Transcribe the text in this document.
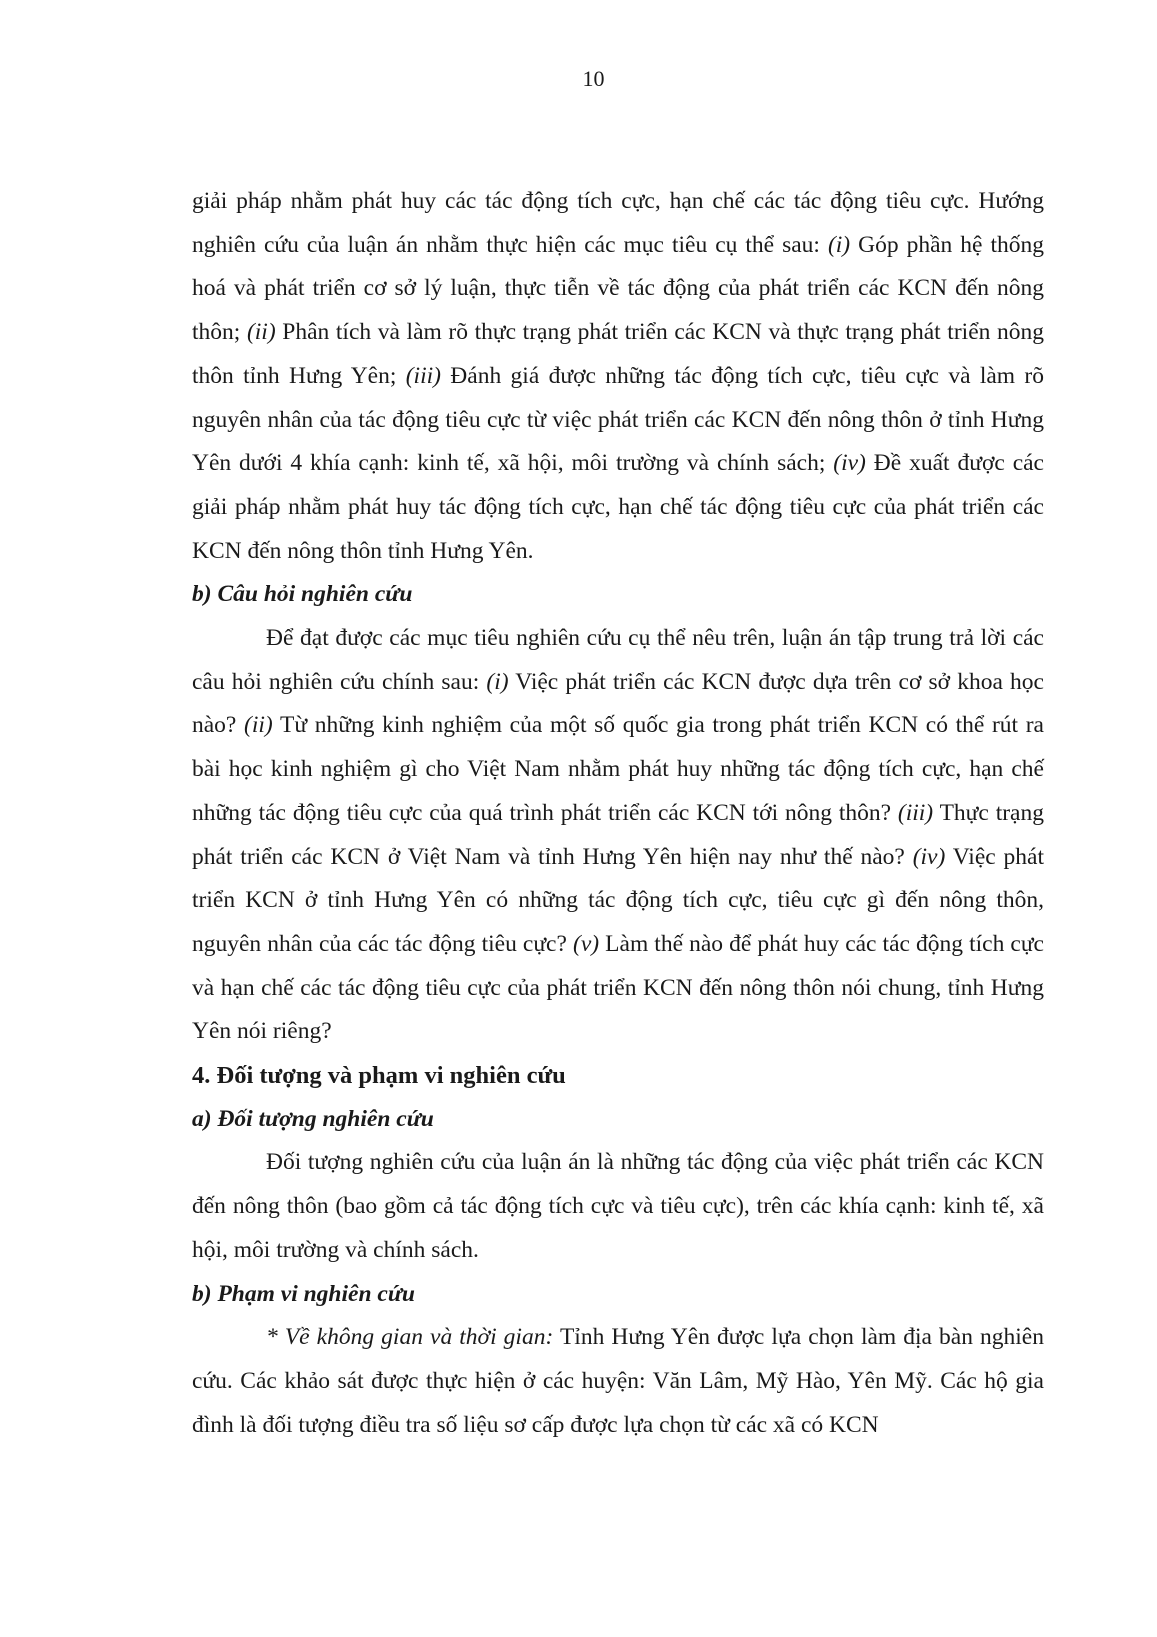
10

giải pháp nhằm phát huy các tác động tích cực, hạn chế các tác động tiêu cực. Hướng nghiên cứu của luận án nhằm thực hiện các mục tiêu cụ thể sau: (i) Góp phần hệ thống hoá và phát triển cơ sở lý luận, thực tiễn về tác động của phát triển các KCN đến nông thôn; (ii) Phân tích và làm rõ thực trạng phát triển các KCN và thực trạng phát triển nông thôn tỉnh Hưng Yên; (iii) Đánh giá được những tác động tích cực, tiêu cực và làm rõ nguyên nhân của tác động tiêu cực từ việc phát triển các KCN đến nông thôn ở tỉnh Hưng Yên dưới 4 khía cạnh: kinh tế, xã hội, môi trường và chính sách; (iv) Đề xuất được các giải pháp nhằm phát huy tác động tích cực, hạn chế tác động tiêu cực của phát triển các KCN đến nông thôn tỉnh Hưng Yên.

b) Câu hỏi nghiên cứu

Để đạt được các mục tiêu nghiên cứu cụ thể nêu trên, luận án tập trung trả lời các câu hỏi nghiên cứu chính sau: (i) Việc phát triển các KCN được dựa trên cơ sở khoa học nào? (ii) Từ những kinh nghiệm của một số quốc gia trong phát triển KCN có thể rút ra bài học kinh nghiệm gì cho Việt Nam nhằm phát huy những tác động tích cực, hạn chế những tác động tiêu cực của quá trình phát triển các KCN tới nông thôn? (iii) Thực trạng phát triển các KCN ở Việt Nam và tỉnh Hưng Yên hiện nay như thế nào? (iv) Việc phát triển KCN ở tỉnh Hưng Yên có những tác động tích cực, tiêu cực gì đến nông thôn, nguyên nhân của các tác động tiêu cực? (v) Làm thế nào để phát huy các tác động tích cực và hạn chế các tác động tiêu cực của phát triển KCN đến nông thôn nói chung, tỉnh Hưng Yên nói riêng?

4. Đối tượng và phạm vi nghiên cứu

a) Đối tượng nghiên cứu

Đối tượng nghiên cứu của luận án là những tác động của việc phát triển các KCN đến nông thôn (bao gồm cả tác động tích cực và tiêu cực), trên các khía cạnh: kinh tế, xã hội, môi trường và chính sách.

b) Phạm vi nghiên cứu

* Về không gian và thời gian: Tỉnh Hưng Yên được lựa chọn làm địa bàn nghiên cứu. Các khảo sát được thực hiện ở các huyện: Văn Lâm, Mỹ Hào, Yên Mỹ. Các hộ gia đình là đối tượng điều tra số liệu sơ cấp được lựa chọn từ các xã có KCN
